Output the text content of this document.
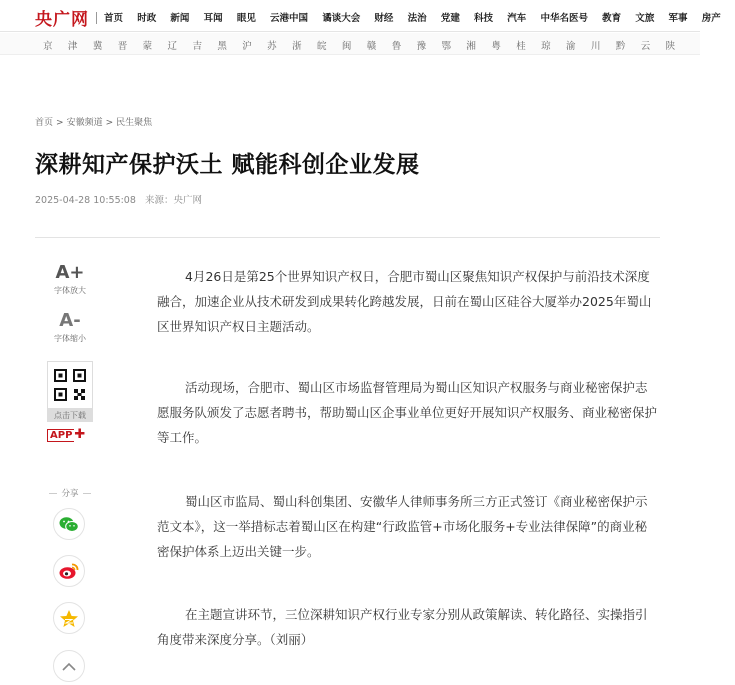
央广网 首页 时政 新闻 耳闻 眼见 云港中国 谲谈大会 财经 法治 党建 科技 汽车 中华名医号 教育 文旅 军事 房产
京 津 冀 晋 蒙 辽 吉 黑 沪 苏 浙 皖 闽 赣 鲁 豫 鄂 湘 粤 桂 琼 渝 川 黔 云 陕
首页 > 安徽频道 > 民生聚焦
深耕知产保护沃土 赋能科创企业发展
2025-04-28 10:55:08 来源：央广网
A+
字体放大
A-
字体缩小
点击下载
APP ✚
分享
4月26日是第25个世界知识产权日，合肥市蜀山区聚焦知识产权保护与前沿技术深度融合，加速企业从技术研发到成果转化跨越发展，日前在蜀山区硅谷大厦举办2025年蜀山区世界知识产权日主题活动。
活动现场，合肥市、蜀山区市场监督管理局为蜀山区知识产权服务与商业秘密保护志愿服务队颁发了志愿者聘书，帮助蜀山区企事业单位更好开展知识产权服务、商业秘密保护等工作。
蜀山区市监局、蜀山科创集团、安徽华人律师事务所三方正式签订《商业秘密保护示范文本》，这一举措标志着蜀山区在构建“行政监管+市场化服务+专业法律保障”的商业秘密保护体系上迈出关键一步。
在主题宣讲环节，三位深耕知识产权行业专家分别从政策解读、转化路径、实操指引角度带来深度分享。（刘丽）
